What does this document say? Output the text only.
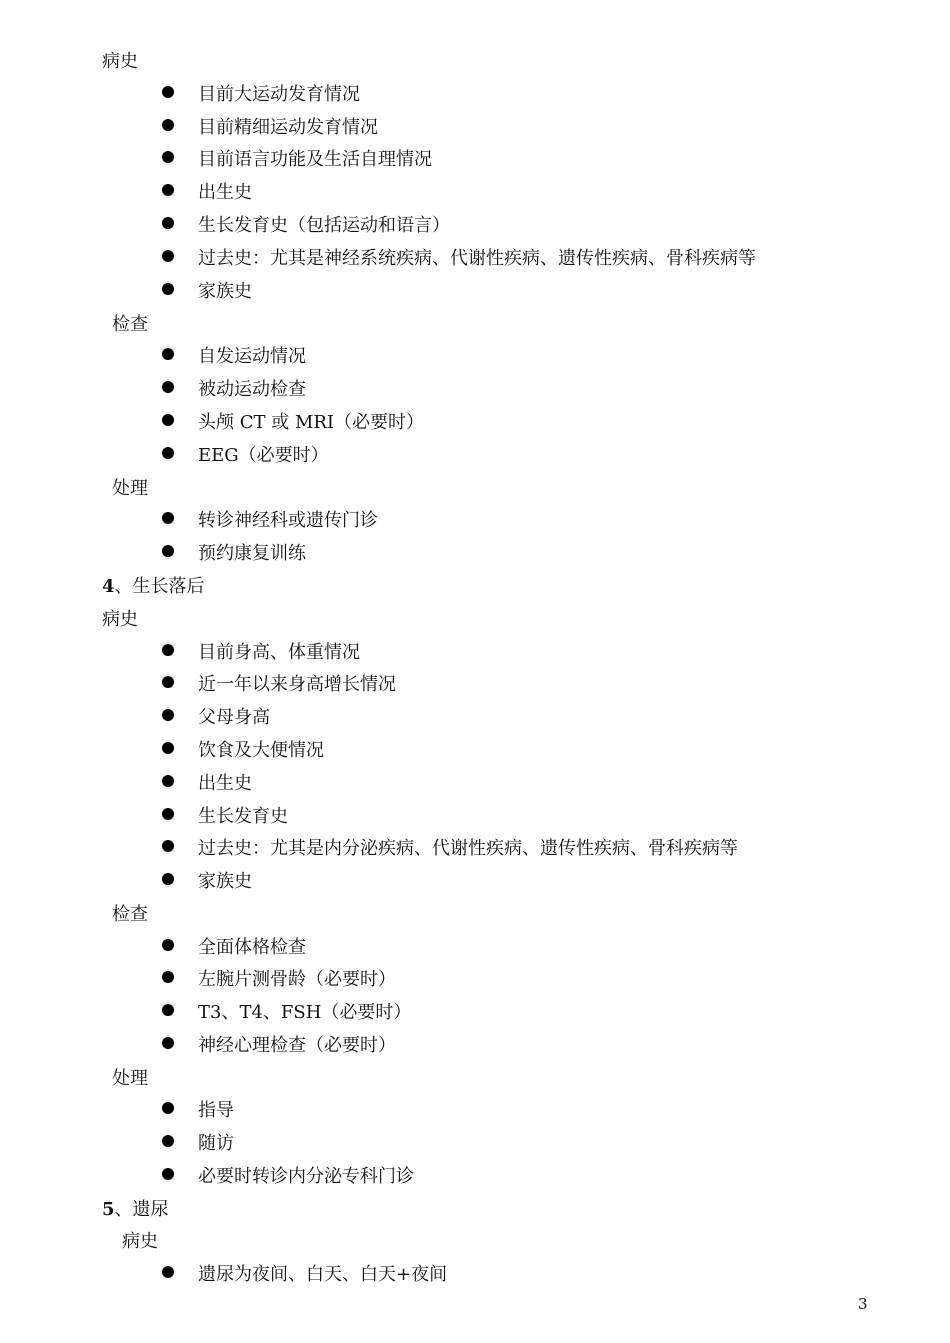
病史
目前大运动发育情况
目前精细运动发育情况
目前语言功能及生活自理情况
出生史
生长发育史（包括运动和语言）
过去史：尤其是神经系统疾病、代谢性疾病、遗传性疾病、骨科疾病等
家族史
检查
自发运动情况
被动运动检查
头颅 CT 或 MRI（必要时）
EEG（必要时）
处理
转诊神经科或遗传门诊
预约康复训练
4、生长落后
病史
目前身高、体重情况
近一年以来身高增长情况
父母身高
饮食及大便情况
出生史
生长发育史
过去史：尤其是内分泌疾病、代谢性疾病、遗传性疾病、骨科疾病等
家族史
检查
全面体格检查
左腕片测骨龄（必要时）
T3、T4、FSH（必要时）
神经心理检查（必要时）
处理
指导
随访
必要时转诊内分泌专科门诊
5、遗尿
病史
遗尿为夜间、白天、白天+夜间
3
